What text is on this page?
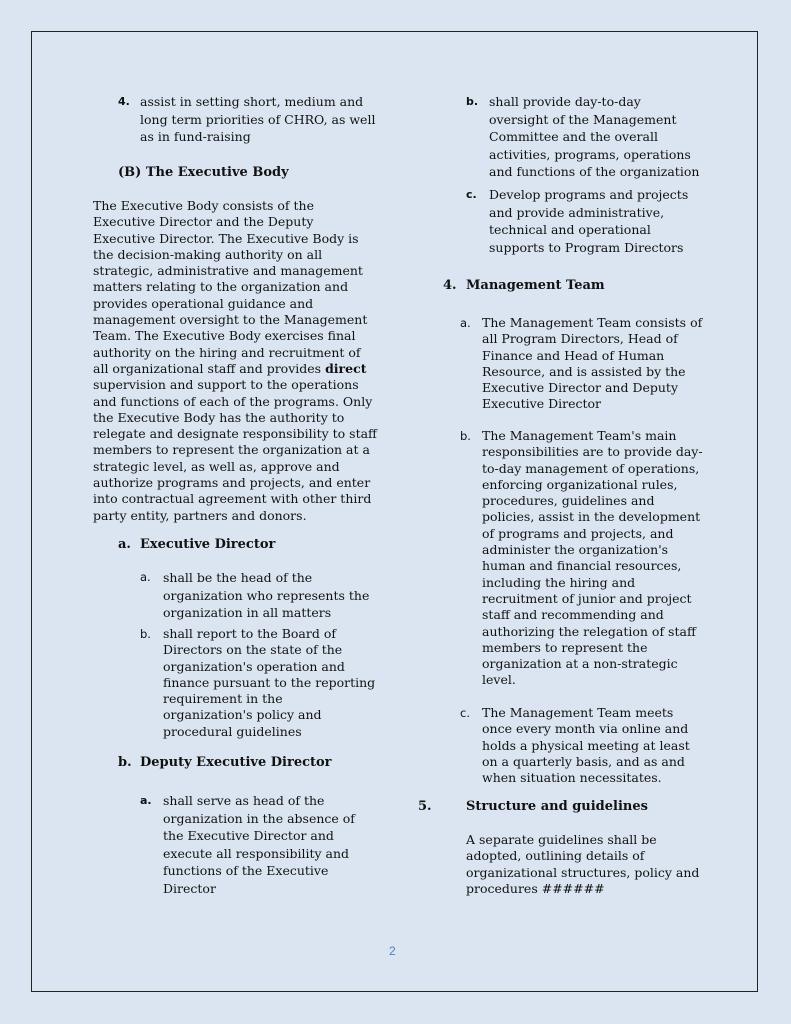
4. assist in setting short, medium and
long term priorities of CHRO, as well
as in fund-raising
(B) The Executive Body
The Executive Body consists of the
Executive Director and the Deputy
Executive Director. The Executive Body is
the decision-making authority on all
strategic, administrative and management
matters relating to the organization and
provides operational guidance and
management oversight to the Management
Team. The Executive Body exercises final
authority on the hiring and recruitment of
all organizational staff and provides direct
supervision and support to the operations
and functions of each of the programs. Only
the Executive Body has the authority to
relegate and designate responsibility to staff
members to represent the organization at a
strategic level, as well as, approve and
authorize programs and projects, and enter
into contractual agreement with other third
party entity, partners and donors.
a. Executive Director
a. shall be the head of the
organization who represents the
organization in all matters
b. shall report to the Board of
Directors on the state of the
organization's operation and
finance pursuant to the reporting
requirement in the
organization's policy and
procedural guidelines
b. Deputy Executive Director
a. shall serve as head of the
organization in the absence of
the Executive Director and
execute all responsibility and
functions of the Executive
Director
b. shall provide day-to-day
oversight of the Management
Committee and the overall
activities, programs, operations
and functions of the organization
c. Develop programs and projects
and provide administrative,
technical and operational
supports to Program Directors
4. Management Team
a. The Management Team consists of
all Program Directors, Head of
Finance and Head of Human
Resource, and is assisted by the
Executive Director and Deputy
Executive Director
b. The Management Team's main
responsibilities are to provide day-
to-day management of operations,
enforcing organizational rules,
procedures, guidelines and
policies, assist in the development
of programs and projects, and
administer the organization's
human and financial resources,
including the hiring and
recruitment of junior and project
staff and recommending and
authorizing the relegation of staff
members to represent the
organization at a non-strategic
level.
c. The Management Team meets
once every month via online and
holds a physical meeting at least
on a quarterly basis, and as and
when situation necessitates.
5.	Structure and guidelines
A separate guidelines shall be
adopted, outlining details of
organizational structures, policy and
procedures ######
2
